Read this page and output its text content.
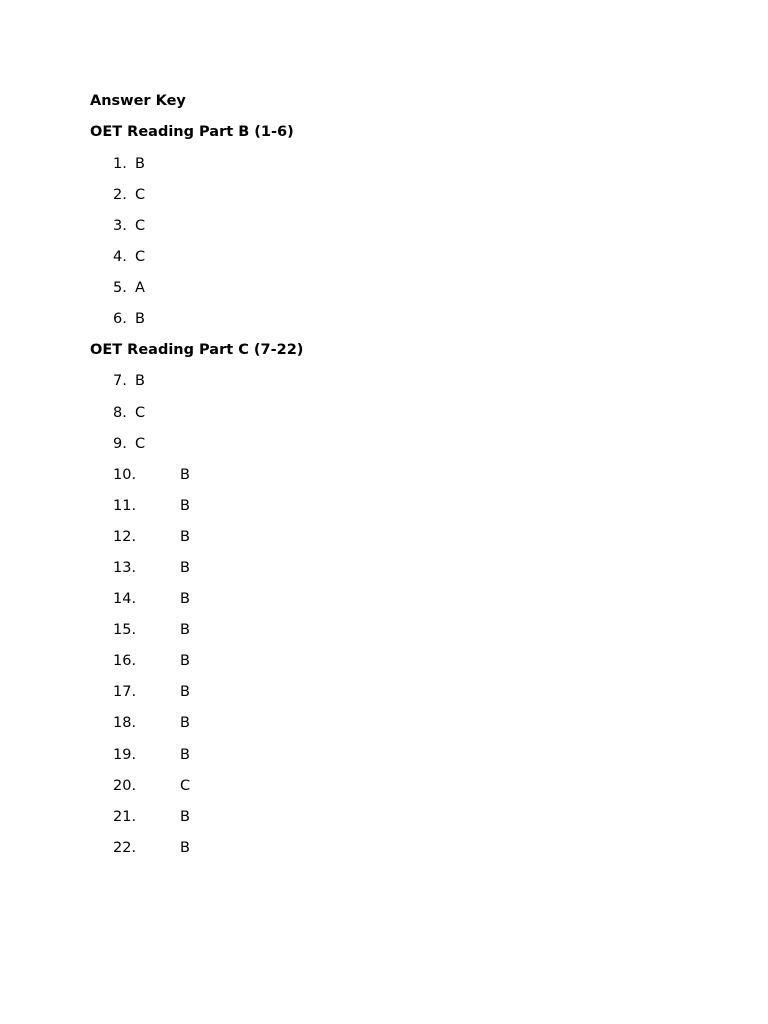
Answer Key
OET Reading Part B (1-6)
1. B
2. C
3. C
4. C
5. A
6. B
OET Reading Part C (7-22)
7. B
8. C
9. C
10.	B
11.	B
12.	B
13.	B
14.	B
15.	B
16.	B
17.	B
18.	B
19.	B
20.	C
21.	B
22.	B
